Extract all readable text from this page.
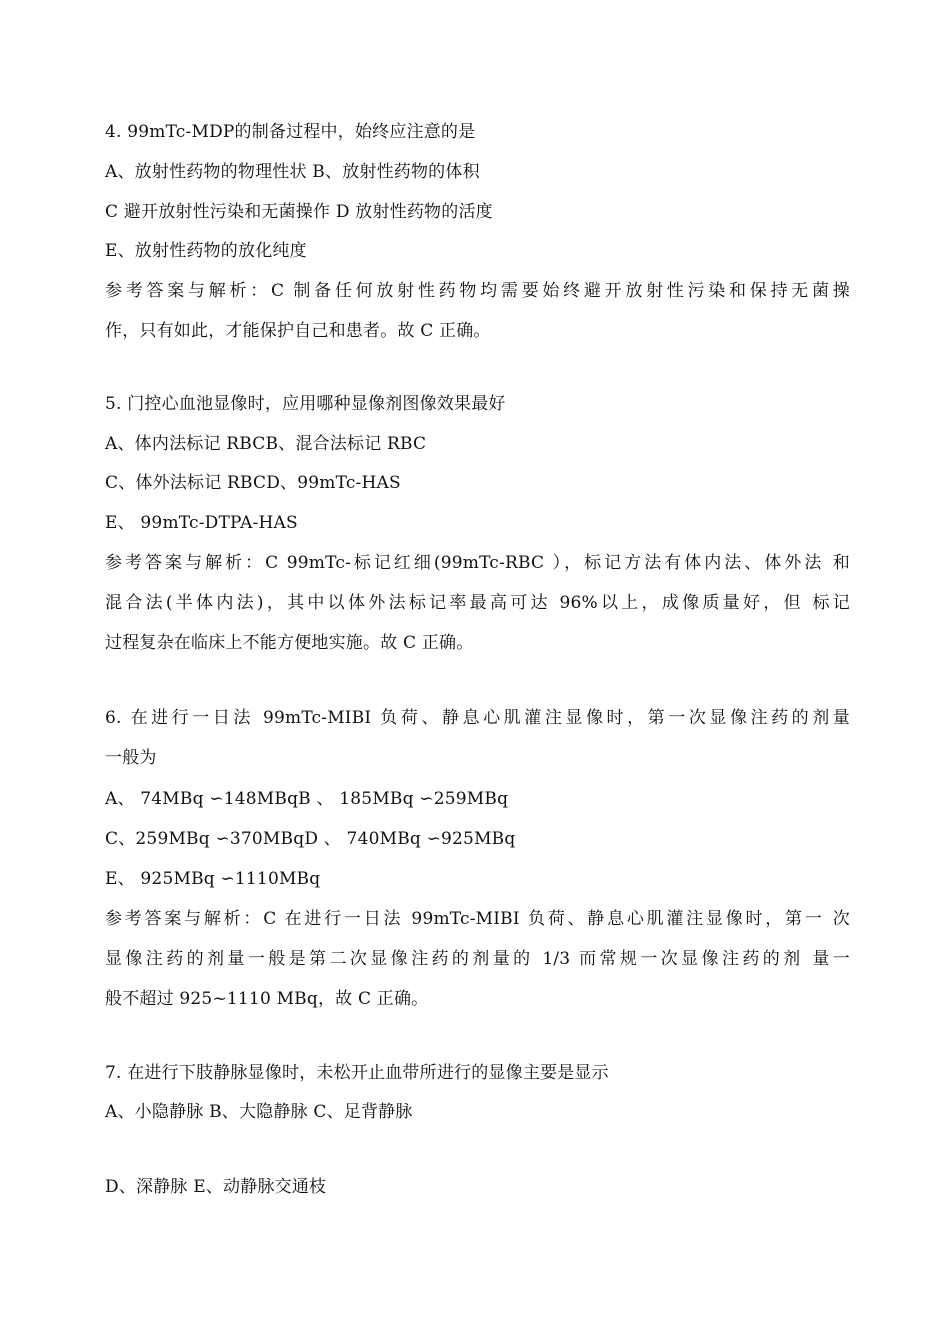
4. 99mTc-MDP的制备过程中，始终应注意的是
A、放射性药物的物理性状 B、放射性药物的体积
C 避开放射性污染和无菌操作 D 放射性药物的活度
E、放射性药物的放化纯度
参考答案与解析：C 制备任何放射性药物均需要始终避开放射性污染和保持无菌操
作，只有如此，才能保护自己和患者。故 C 正确。
5. 门控心血池显像时，应用哪种显像剂图像效果最好
A、体内法标记 RBCB、混合法标记 RBC
C、体外法标记 RBCD、99mTc-HAS
E、 99mTc-DTPA-HAS
参考答案与解析：C 99mTc-标记红细(99mTc-RBC ），标记方法有体内法、体外法 和
混合法(半体内法)，其中以体外法标记率最高可达 96%以上，成像质量好，但 标记
过程复杂在临床上不能方便地实施。故 C 正确。
6. 在进行一日法 99mTc-MIBI 负荷、静息心肌灌注显像时，第一次显像注药的剂量
一般为
A、 74MBq ∽148MBqB 、 185MBq ∽259MBq
C、259MBq ∽370MBqD 、 740MBq ∽925MBq
E、 925MBq ∽1110MBq
参考答案与解析：C 在进行一日法 99mTc-MIBI 负荷、静息心肌灌注显像时，第一 次
显像注药的剂量一般是第二次显像注药的剂量的 1/3 而常规一次显像注药的剂 量一
般不超过 925~1110 MBq，故 C 正确。
7. 在进行下肢静脉显像时，未松开止血带所进行的显像主要是显示
A、小隐静脉 B、大隐静脉 C、足背静脉
D、深静脉 E、动静脉交通枝
